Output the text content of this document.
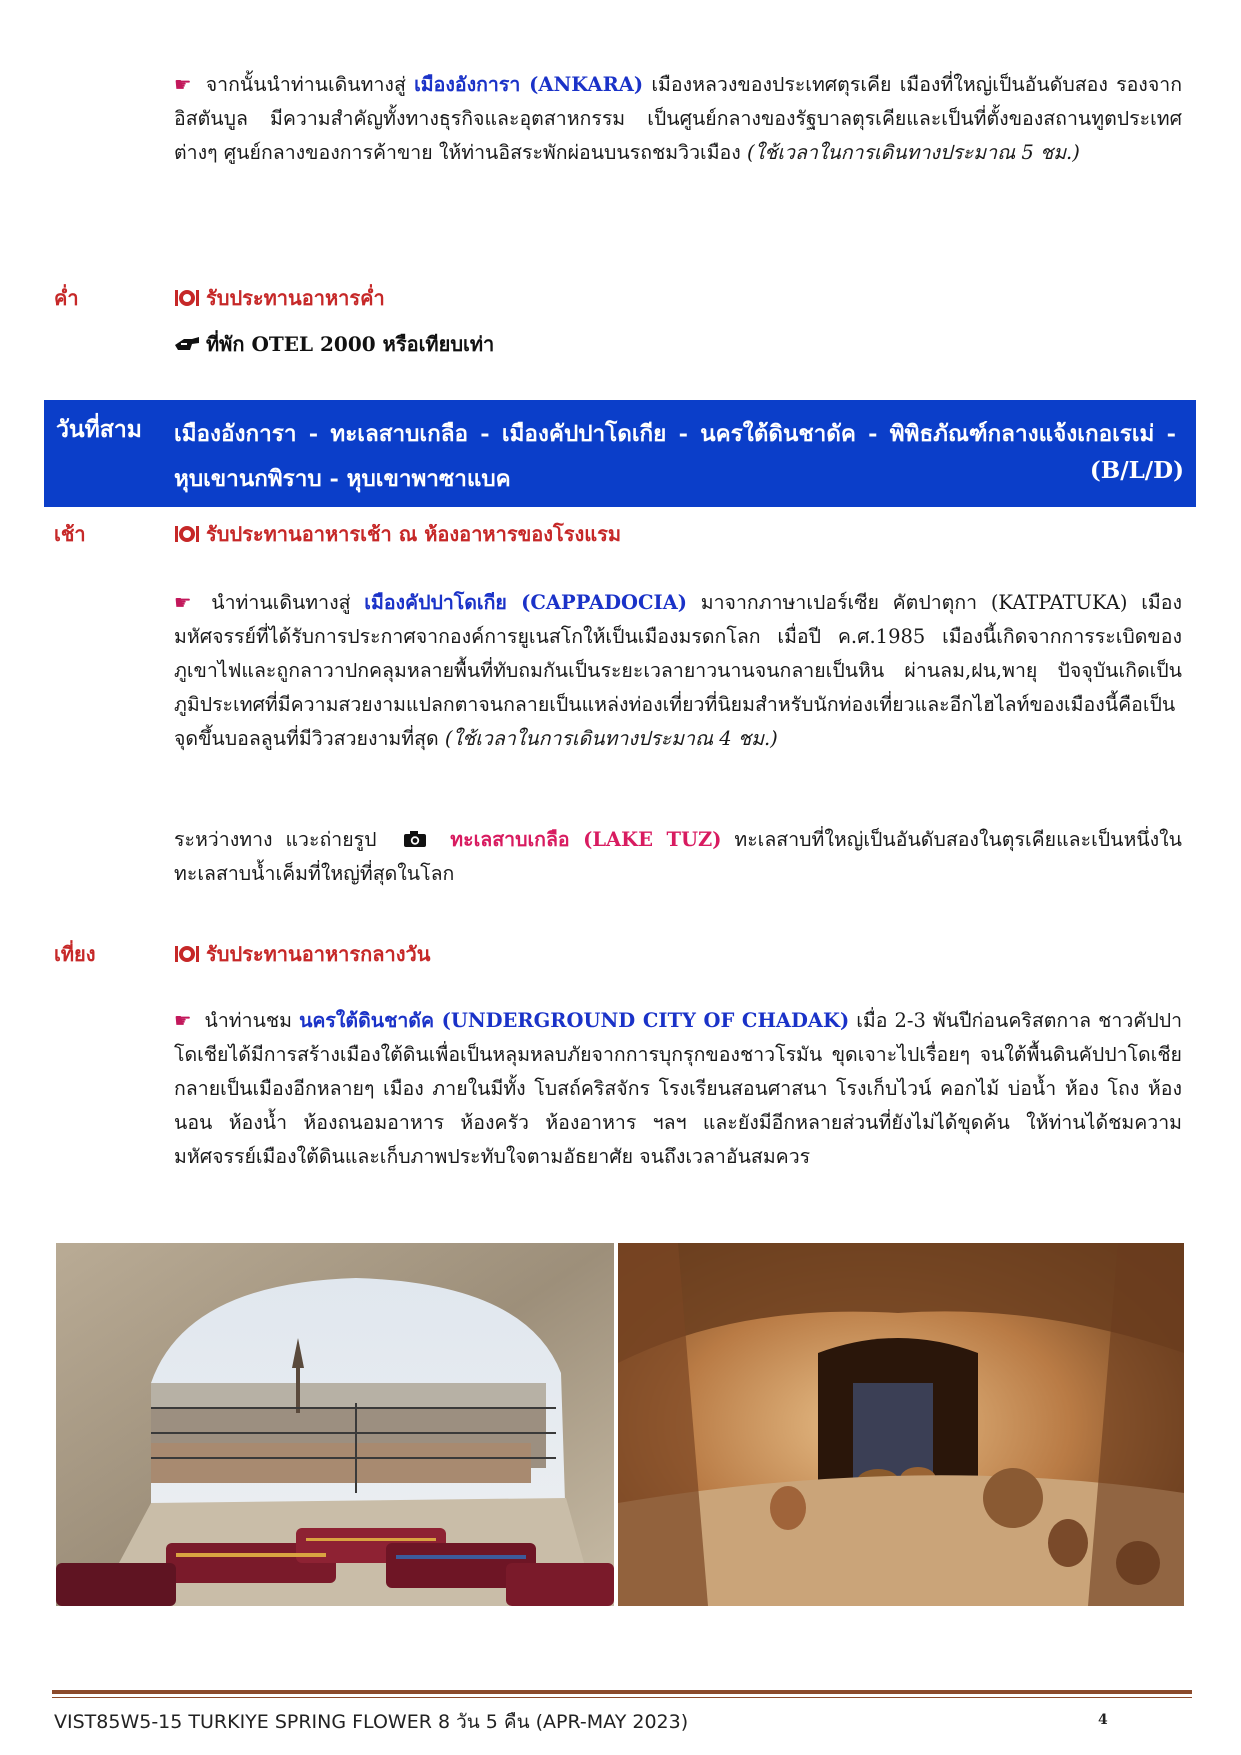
☛ จากนั้นนำท่านเดินทางสู่ เมืองอังการา (ANKARA) เมืองหลวงของประเทศตุรเคีย เมืองที่ใหญ่เป็นอันดับสอง รองจากอิสตันบูล มีความสำคัญทั้งทางธุรกิจและอุตสาหกรรม เป็นศูนย์กลางของรัฐบาลตุรเคียและเป็นที่ตั้งของสถานทูตประเทศต่างๆ ศูนย์กลางของการค้าขาย ให้ท่านอิสระพักผ่อนบนรถชมวิวเมือง (ใช้เวลาในการเดินทางประมาณ 5 ชม.)
ค่ำ	รับประทานอาหารค่ำ
ที่พัก OTEL 2000 หรือเทียบเท่า
วันที่สาม เมืองอังการา - ทะเลสาบเกลือ - เมืองคัปปาโดเกีย - นครใต้ดินชาดัค - พิพิธภัณฑ์กลางแจ้งเกอเรเม่ - หุบเขานกพิราบ - หุบเขาพาซาแบค	(B/L/D)
เช้า	รับประทานอาหารเช้า ณ ห้องอาหารของโรงแรม
☛ นำท่านเดินทางสู่ เมืองคัปปาโดเกีย (CAPPADOCIA) มาจากภาษาเปอร์เซีย คัตปาตุกา (KATPATUKA) เมืองมหัศจรรย์ที่ได้รับการประกาศจากองค์การยูเนสโกให้เป็นเมืองมรดกโลก เมื่อปี ค.ศ.1985 เมืองนี้เกิดจากการระเบิดของภูเขาไฟและถูกลาวาปกคลุมหลายพื้นที่ทับถมกันเป็นระยะเวลายาวนานจนกลายเป็นหิน ผ่านลม,ฝน,พายุ ปัจจุบันเกิดเป็นภูมิประเทศที่มีความสวยงามแปลกตาจนกลายเป็นแหล่งท่องเที่ยวที่นิยมสำหรับนักท่องเที่ยวและอีกไฮไลท์ของเมืองนี้คือเป็นจุดขึ้นบอลลูนที่มีวิวสวยงามที่สุด (ใช้เวลาในการเดินทางประมาณ 4 ชม.)
ระหว่างทาง แวะถ่ายรูป	ทะเลสาบเกลือ (LAKE TUZ) ทะเลสาบที่ใหญ่เป็นอันดับสองในตุรเคียและเป็นหนึ่งในทะเลสาบน้ำเค็มที่ใหญ่ที่สุดในโลก
เที่ยง	รับประทานอาหารกลางวัน
☛ นำท่านชม นครใต้ดินชาดัค (UNDERGROUND CITY OF CHADAK) เมื่อ 2-3 พันปีก่อนคริสตกาล ชาวคัปปาโดเชียได้มีการสร้างเมืองใต้ดินเพื่อเป็นหลุมหลบภัยจากการบุกรุกของชาวโรมัน ขุดเจาะไปเรื่อยๆ จนใต้พื้นดินคัปปาโดเชียกลายเป็นเมืองอีกหลายๆ เมือง ภายในมีทั้ง โบสถ์คริสจักร โรงเรียนสอนศาสนา โรงเก็บไวน์ คอกไม้ บ่อน้ำ ห้อง โถง ห้องนอน ห้องน้ำ ห้องถนอมอาหาร ห้องครัว ห้องอาหาร ฯลฯ และยังมีอีกหลายส่วนที่ยังไม่ได้ขุดค้น ให้ท่านได้ชมความมหัศจรรย์เมืองใต้ดินและเก็บภาพประทับใจตามอัธยาศัย จนถึงเวลาอันสมควร
VIST85W5-15 TURKIYE SPRING FLOWER 8 วัน 5 คืน (APR-MAY 2023)	4
